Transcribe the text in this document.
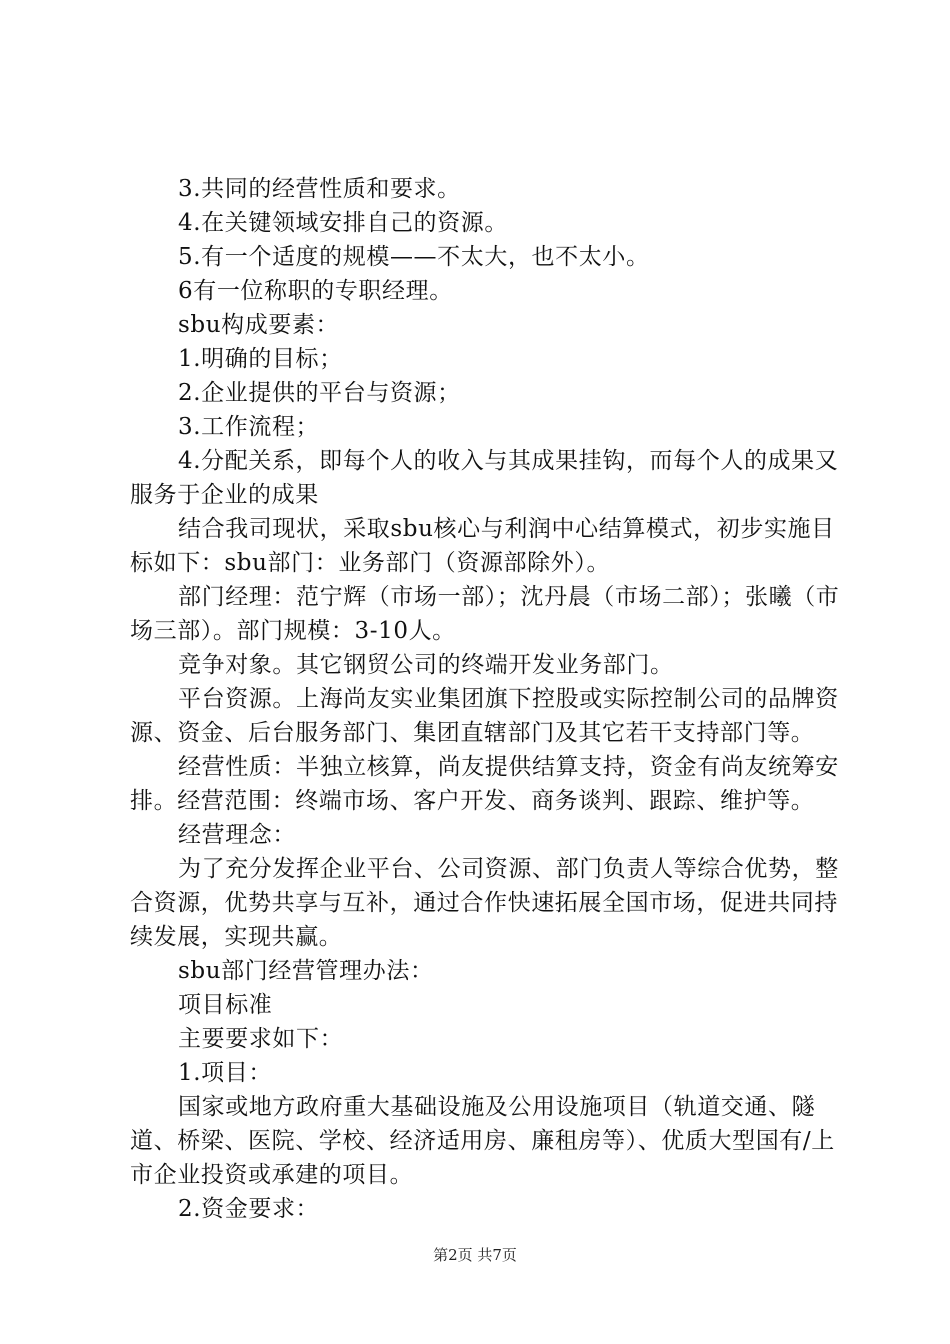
3.共同的经营性质和要求。

4.在关键领域安排自己的资源。

5.有一个适度的规模——不太大，也不太小。

6有一位称职的专职经理。

sbu构成要素：

1.明确的目标；

2.企业提供的平台与资源；

3.工作流程；

4.分配关系，即每个人的收入与其成果挂钩，而每个人的成果又服务于企业的成果

结合我司现状，采取sbu核心与利润中心结算模式，初步实施目标如下：sbu部门：业务部门（资源部除外）。

部门经理：范宁辉（市场一部）；沈丹晨（市场二部）；张曦（市场三部）。部门规模：3-10人。

竞争对象。其它钢贸公司的终端开发业务部门。

平台资源。上海尚友实业集团旗下控股或实际控制公司的品牌资源、资金、后台服务部门、集团直辖部门及其它若干支持部门等。

经营性质：半独立核算，尚友提供结算支持，资金有尚友统筹安排。经营范围：终端市场、客户开发、商务谈判、跟踪、维护等。

经营理念：

为了充分发挥企业平台、公司资源、部门负责人等综合优势，整合资源，优势共享与互补，通过合作快速拓展全国市场，促进共同持续发展，实现共赢。

sbu部门经营管理办法：

项目标准

主要要求如下：

1.项目：

国家或地方政府重大基础设施及公用设施项目（轨道交通、隧道、桥梁、医院、学校、经济适用房、廉租房等）、优质大型国有/上市企业投资或承建的项目。

2.资金要求：

第2页 共7页
